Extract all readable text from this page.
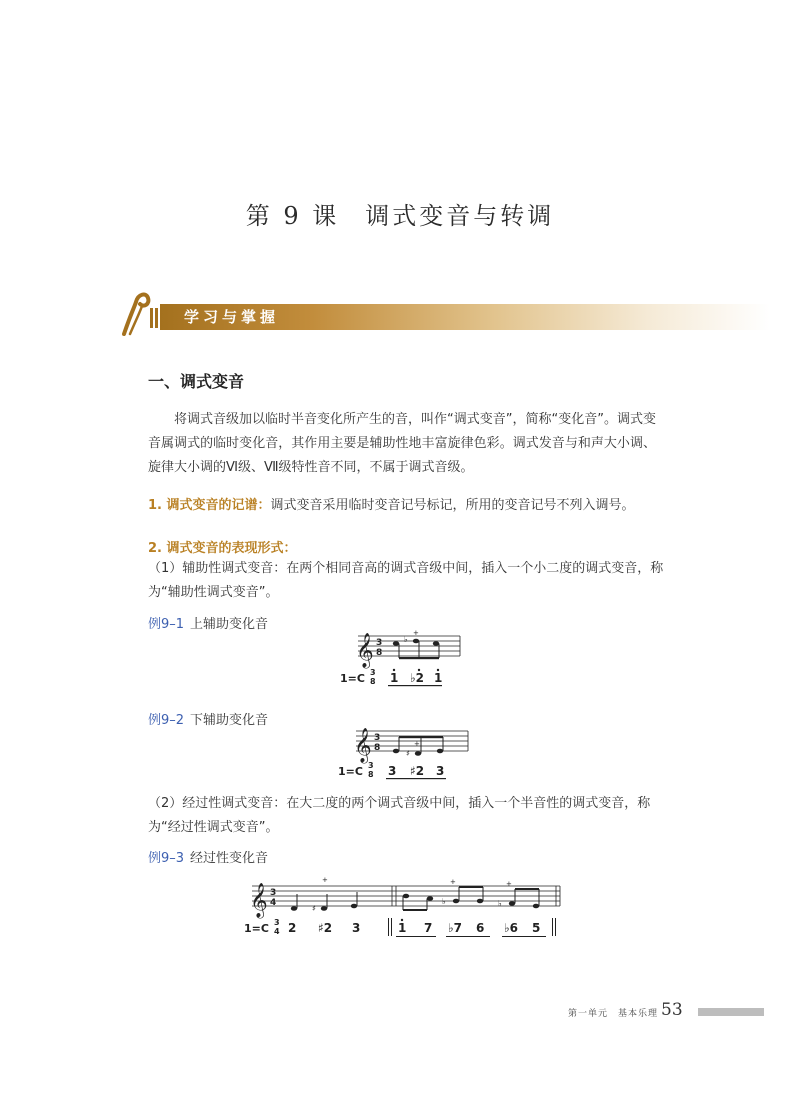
第 9 课 调式变音与转调
学习与掌握
一、调式变音
将调式音级加以临时半音变化所产生的音，叫作“调式变音”，简称“变化音”。调式变音属调式的临时变化音，其作用主要是辅助性地丰富旋律色彩。调式发音与和声大小调、旋律大小调的Ⅵ级、Ⅶ级特性音不同，不属于调式音级。
1. 调式变音的记谱：调式变音采用临时变音记号标记，所用的变音记号不列入调号。
2. 调式变音的表现形式：
（1）辅助性调式变音：在两个相同音高的调式音级中间，插入一个小二度的调式变音，称为“辅助性调式变音”。
例9–1 上辅助变化音
𝄞 3
8
♭
+
1=C 3
8 1 ♭2 1
例9–2 下辅助变化音
𝄞 3
8
♯
+
1=C 3
8 3 ♯2 3
（2）经过性调式变音：在大二度的两个调式音级中间，插入一个半音性的调式变音，称为“经过性调式变音”。
例9–3 经过性变化音
𝄞 3
4
♯
+
♭
+
♭
+
1=C 3
4 2 ♯2 3	1 7 ♭7 6 ♭6 5
第一单元　基本乐理 53
